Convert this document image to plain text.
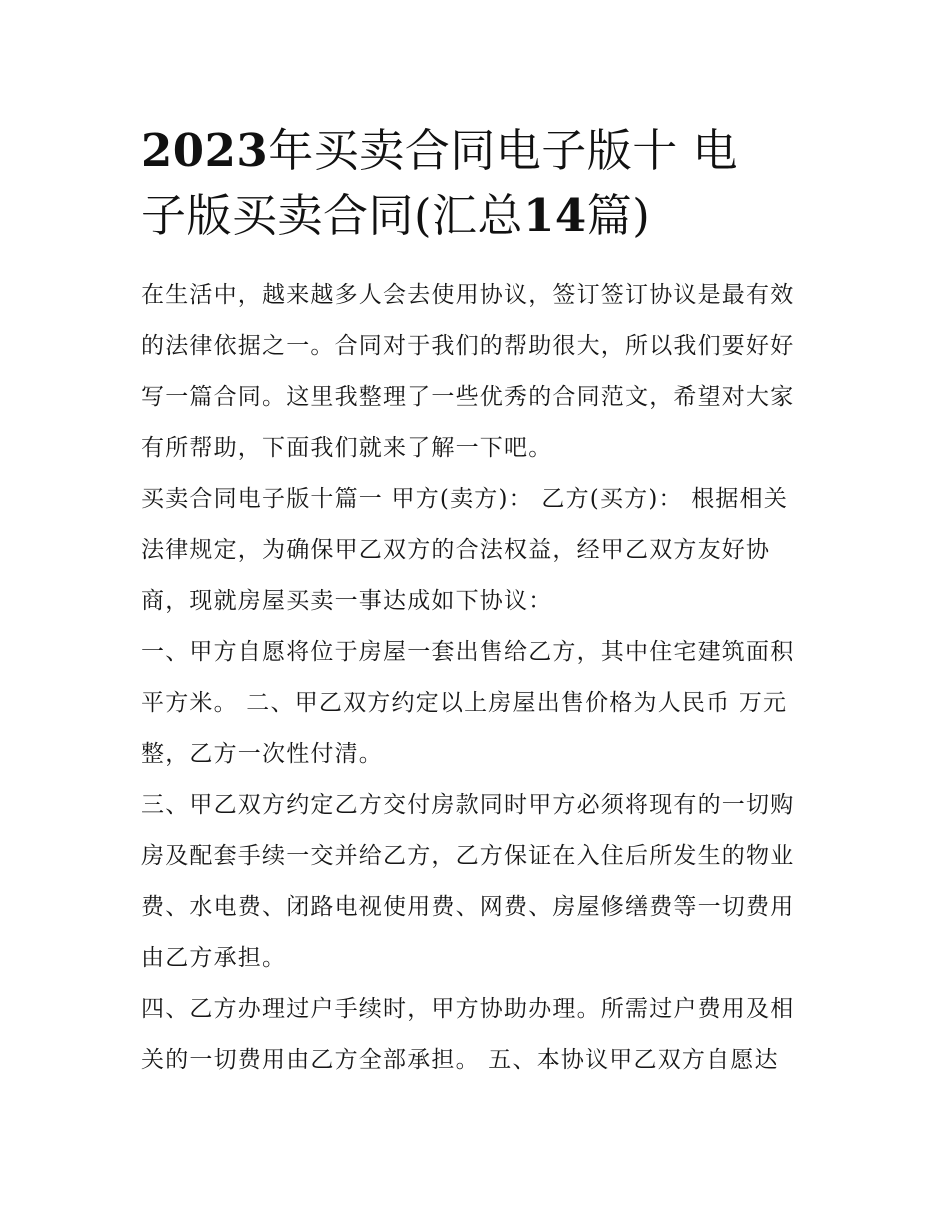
2023年买卖合同电子版十 电
子版买卖合同(汇总14篇)

在生活中，越来越多人会去使用协议，签订签订协议是最有效
的法律依据之一。合同对于我们的帮助很大，所以我们要好好
写一篇合同。这里我整理了一些优秀的合同范文，希望对大家
有所帮助，下面我们就来了解一下吧。

买卖合同电子版十篇一 甲方(卖方)： 乙方(买方)： 根据相关
法律规定，为确保甲乙双方的合法权益，经甲乙双方友好协
商，现就房屋买卖一事达成如下协议：

一、甲方自愿将位于房屋一套出售给乙方，其中住宅建筑面积
平方米。 二、甲乙双方约定以上房屋出售价格为人民币 万元
整，乙方一次性付清。

三、甲乙双方约定乙方交付房款同时甲方必须将现有的一切购
房及配套手续一交并给乙方，乙方保证在入住后所发生的物业
费、水电费、闭路电视使用费、网费、房屋修缮费等一切费用
由乙方承担。

四、乙方办理过户手续时，甲方协助办理。所需过户费用及相
关的一切费用由乙方全部承担。 五、本协议甲乙双方自愿达
